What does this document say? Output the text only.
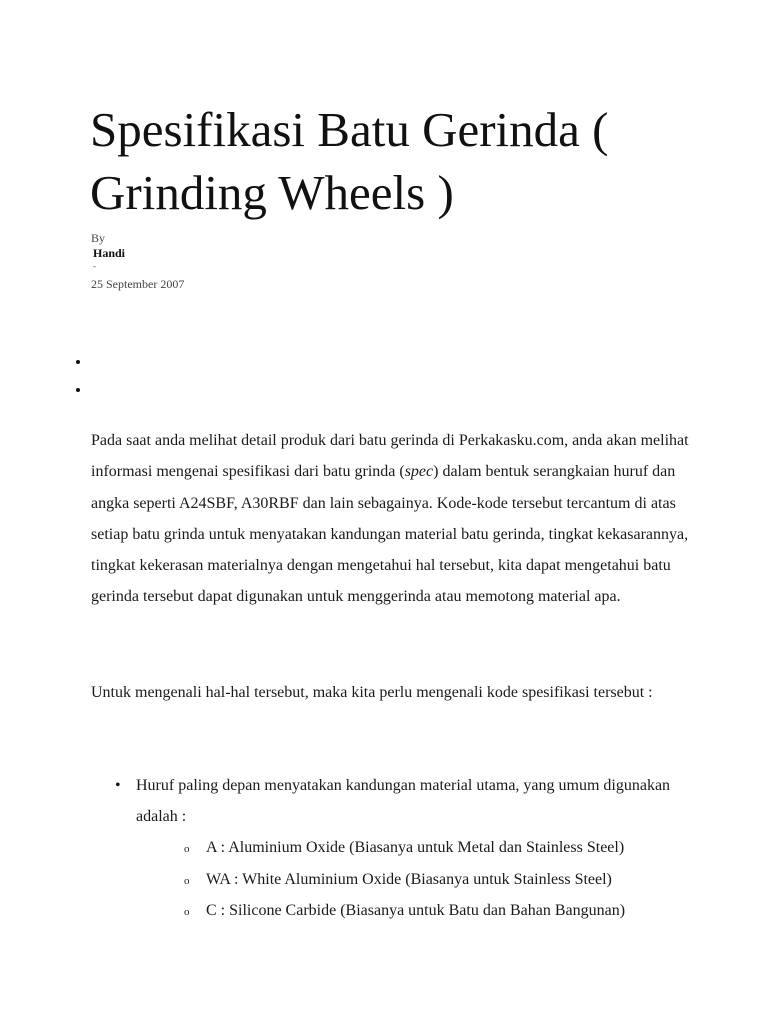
Spesifikasi Batu Gerinda ( Grinding Wheels )
By
Handi
-
25 September 2007

Pada saat anda melihat detail produk dari batu gerinda di Perkakasku.com, anda akan melihat informasi mengenai spesifikasi dari batu grinda (spec) dalam bentuk serangkaian huruf dan angka seperti A24SBF, A30RBF dan lain sebagainya. Kode-kode tersebut tercantum di atas setiap batu grinda untuk menyatakan kandungan material batu gerinda, tingkat kekasarannya, tingkat kekerasan materialnya dengan mengetahui hal tersebut, kita dapat mengetahui batu gerinda tersebut dapat digunakan untuk menggerinda atau memotong material apa.

Untuk mengenali hal-hal tersebut, maka kita perlu mengenali kode spesifikasi tersebut :

• Huruf paling depan menyatakan kandungan material utama, yang umum digunakan adalah :
o A : Aluminium Oxide (Biasanya untuk Metal dan Stainless Steel)
o WA : White Aluminium Oxide (Biasanya untuk Stainless Steel)
o C : Silicone Carbide (Biasanya untuk Batu dan Bahan Bangunan)
